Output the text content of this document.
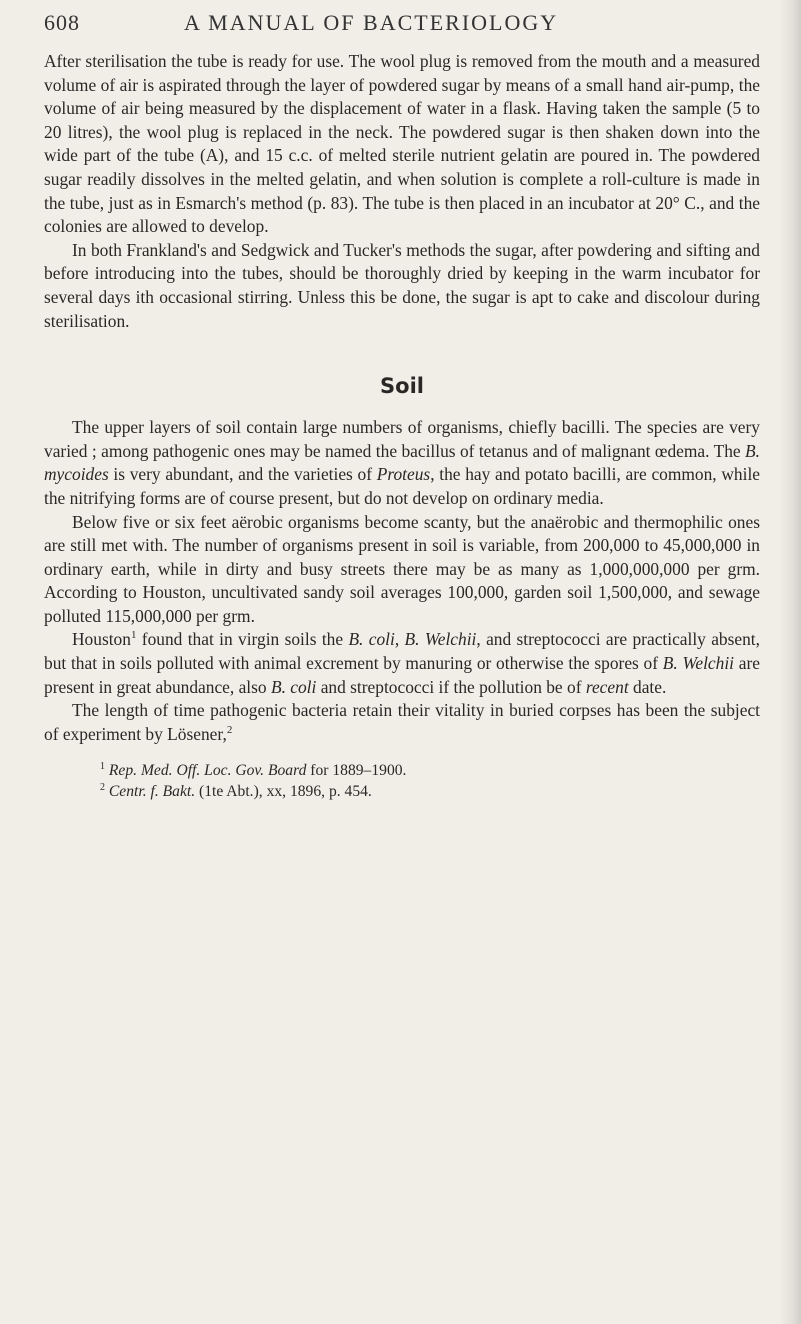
608	A MANUAL OF BACTERIOLOGY

After sterilisation the tube is ready for use. The wool plug is removed from the mouth and a measured volume of air is aspirated through the layer of powdered sugar by means of a small hand air-pump, the volume of air being measured by the displacement of water in a flask. Having taken the sample (5 to 20 litres), the wool plug is replaced in the neck. The powdered sugar is then shaken down into the wide part of the tube (A), and 15 c.c. of melted sterile nutrient gelatin are poured in. The powdered sugar readily dissolves in the melted gelatin, and when solution is complete a roll-culture is made in the tube, just as in Esmarch's method (p. 83). The tube is then placed in an incubator at 20° C., and the colonies are allowed to develop.

In both Frankland's and Sedgwick and Tucker's methods the sugar, after powdering and sifting and before introducing into the tubes, should be thoroughly dried by keeping in the warm incubator for several days ith occasional stirring. Unless this be done, the sugar is apt to cake and discolour during sterilisation.

Soil

The upper layers of soil contain large numbers of organisms, chiefly bacilli. The species are very varied ; among pathogenic ones may be named the bacillus of tetanus and of malignant œdema. The B. mycoides is very abundant, and the varieties of Proteus, the hay and potato bacilli, are common, while the nitrifying forms are of course present, but do not develop on ordinary media.

Below five or six feet aërobic organisms become scanty, but the anaërobic and thermophilic ones are still met with. The number of organisms present in soil is variable, from 200,000 to 45,000,000 in ordinary earth, while in dirty and busy streets there may be as many as 1,000,000,000 per grm. According to Houston, uncultivated sandy soil averages 100,000, garden soil 1,500,000, and sewage polluted 115,000,000 per grm.

Houston$^1$ found that in virgin soils the B. coli, B. Welchii, and streptococci are practically absent, but that in soils polluted with animal excrement by manuring or otherwise the spores of B. Welchii are present in great abundance, also B. coli and streptococci if the pollution be of recent date.

The length of time pathogenic bacteria retain their vitality in buried corpses has been the subject of experiment by Lösener,$^2$

$^1$ Rep. Med. Off. Loc. Gov. Board for 1889–1900.
$^2$ Centr. f. Bakt. (1te Abt.), xx, 1896, p. 454.
